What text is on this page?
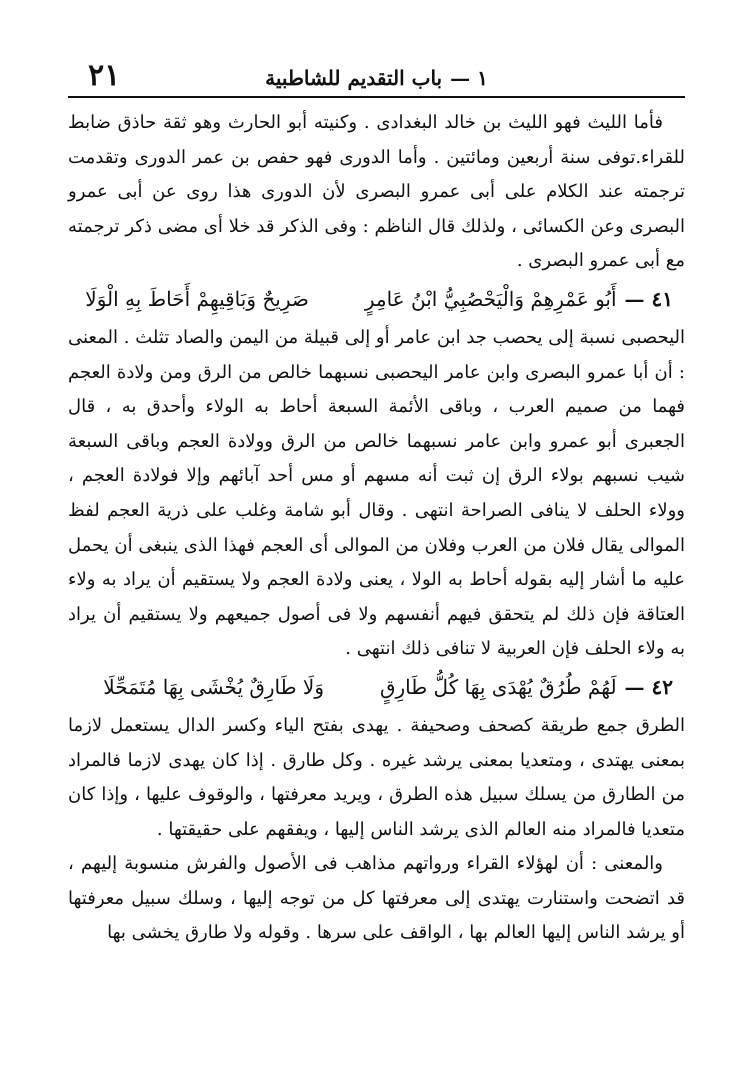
١ —باب التقديم للشاطبية
٢١

فأما الليث فهو الليث بن خالد البغدادى . وكنيته أبو الحارث وهو ثقة حاذق ضابط للقراء.توفى سنة أربعين ومائتين . وأما الدورى فهو حفص بن عمر الدورى وتقدمت ترجمته عند الكلام على أبى عمرو البصرى لأن الدورى هذا روى عن أبى عمرو البصرى وعن الكسائى ، ولذلك قال الناظم : وفى الذكر قد خلا أى مضى ذكر ترجمته مع أبى عمرو البصرى .

٤١ —
أَبُو عَمْرِهِمْ وَالْيَحْصُبِيُّ ابْنُ عَامِرٍ
صَرِيحٌ وَبَاقِيهِمْ أَحَاطَ بِهِ الْوَلَا

اليحصبى نسبة إلى يحصب جد ابن عامر أو إلى قبيلة من اليمن والصاد تثلث . المعنى : أن أبا عمرو البصرى وابن عامر اليحصبى نسبهما خالص من الرق ومن ولادة العجم فهما من صميم العرب ، وباقى الأئمة السبعة أحاط به الولاء وأحدق به ، قال الجعبرى أبو عمرو وابن عامر نسبهما خالص من الرق وولادة العجم وباقى السبعة شيب نسبهم بولاء الرق إن ثبت أنه مسهم أو مس أحد آبائهم وإلا فولادة العجم ، وولاء الحلف لا ينافى الصراحة انتهى . وقال أبو شامة وغلب على ذرية العجم لفظ الموالى يقال فلان من العرب وفلان من الموالى أى العجم فهذا الذى ينبغى أن يحمل عليه ما أشار إليه بقوله أحاط به الولا ، يعنى ولادة العجم ولا يستقيم أن يراد به ولاء العتاقة فإن ذلك لم يتحقق فيهم أنفسهم ولا فى أصول جميعهم ولا يستقيم أن يراد به ولاء الحلف فإن العربية لا تنافى ذلك انتهى .

٤٢ —
لَهُمْ طُرُقٌ يُهْدَى بِهَا كُلُّ طَارِقٍ
وَلَا طَارِقٌ يُخْشَى بِهَا مُتَمَحِّلَا

الطرق جمع طريقة كصحف وصحيفة . يهدى بفتح الياء وكسر الدال يستعمل لازما بمعنى يهتدى ، ومتعديا بمعنى يرشد غيره . وكل طارق . إذا كان يهدى لازما فالمراد من الطارق من يسلك سبيل هذه الطرق ، ويريد معرفتها ، والوقوف عليها ، وإذا كان متعديا فالمراد منه العالم الذى يرشد الناس إليها ، ويفقهم على حقيقتها .

والمعنى : أن لهؤلاء القراء ورواتهم مذاهب فى الأصول والفرش منسوبة إليهم ، قد اتضحت واستنارت يهتدى إلى معرفتها كل من توجه إليها ، وسلك سبيل معرفتها أو يرشد الناس إليها العالم بها ، الواقف على سرها . وقوله ولا طارق يخشى بها
